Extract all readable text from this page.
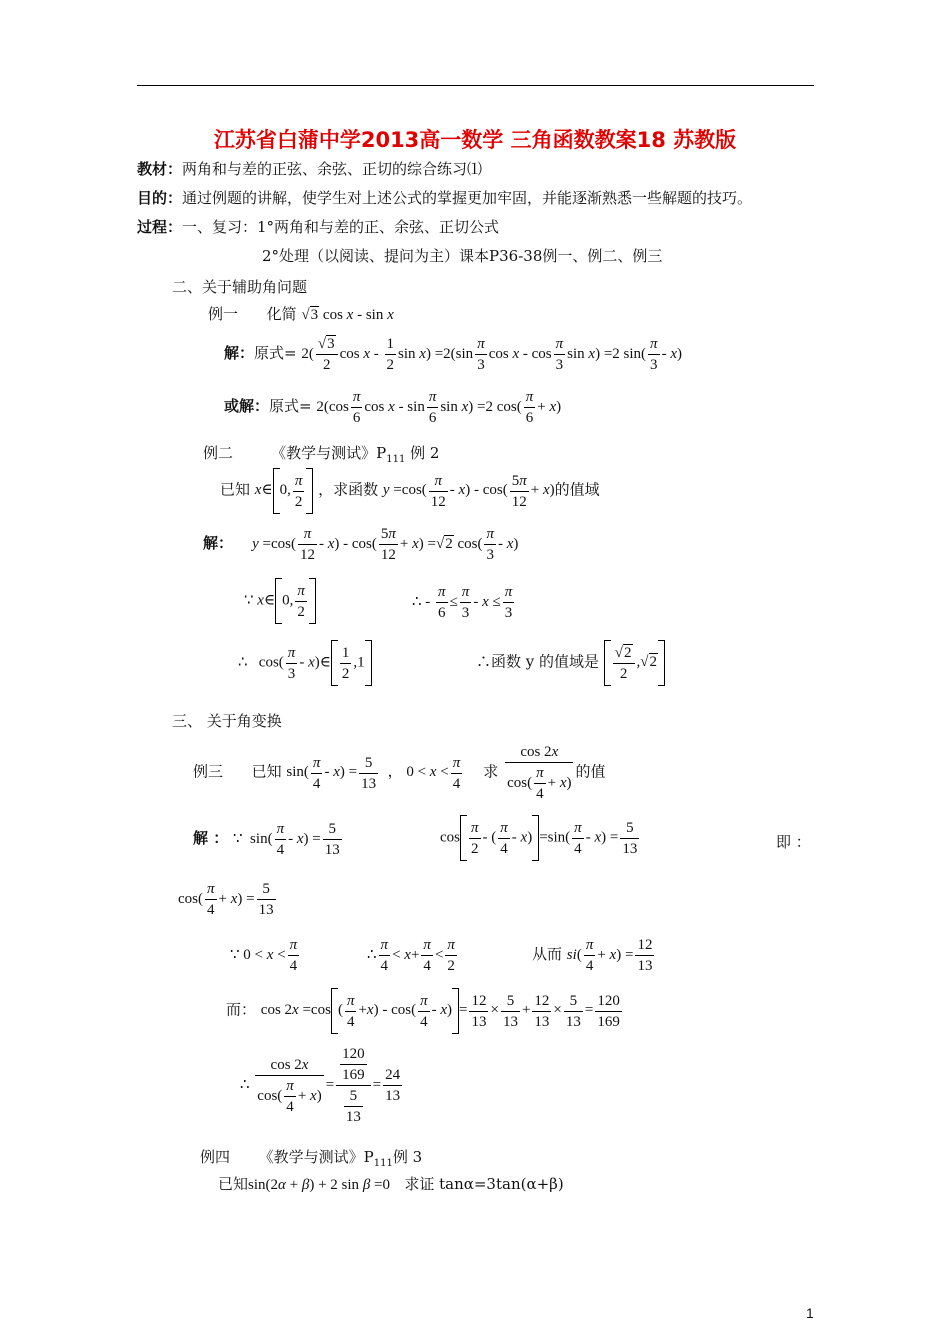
江苏省白蒲中学2013高一数学 三角函数教案18 苏教版
教材：两角和与差的正弦、余弦、正切的综合练习⑴
目的：通过例题的讲解，使学生对上述公式的掌握更加牢固，并能逐渐熟悉一些解题的技巧。
过程：一、复习：1°两角和与差的正、余弦、正切公式
2°处理（以阅读、提问为主）课本P36-38例一、例二、例三
二、关于辅助角问题
例一 化简 √3 cos x - sin x
解：原式= $2( \frac{√3}{2}$ cos x - $\frac{1}{2}$ $\sin x) =2(\sin \frac{\pi}{3}$ cos x - $\cos \frac{\pi}{3}$ sin x) =2 $\sin( \frac{\pi}{3} - x)$
或解：原式= $2(\cos \frac{\pi}{6}$ cos x - $\sin \frac{\pi}{6}$ sin x) =2 $\cos( \frac{\pi}{6} + x)$
例二	《教学与测试》$P_{111}$ 例 2
已知 x∈ 0, $\frac{\pi}{2}$ ，求函数 $y =\cos( \frac{\pi}{12} - x) - \cos( \frac{5\pi}{12} + x)$的值域
解： $y =\cos( \frac{\pi}{12} - x) - \cos( \frac{5\pi}{12} + x) =√2$ $\cos( \frac{\pi}{3} - x)$
∵ x∈ 0, $\frac{\pi}{2}$	∴ - $\frac{\pi}{6} \le \frac{\pi}{3} - x \le \frac{\pi}{3}$
∴   $\cos( \frac{\pi}{3}$ - x)∈ $\frac{1}{2} ,1$	∴函数 y 的值域是 $\frac{√2}{2} ,√2$
三、 关于角变换
例三 已知 $\sin( \frac{\pi}{4} - x) = \frac{5}{13}$ ， $0 < x < \frac{\pi}{4}$ 求 $\frac{\cos 2x}{\cos( \frac{\pi}{4} + x)}$ 的值
解 ： ∵  $\sin( \frac{\pi}{4} - x) = \frac{5}{13}$	$\cos \frac{\pi}{2}$ - ( $\frac{\pi}{4} - x) =\sin( \frac{\pi}{4} - x) = \frac{5}{13}$	即 ：
$\cos( \frac{\pi}{4} + x) = \frac{5}{13}$
∵ $0 < x < \frac{\pi}{4}$	∴ $\frac{\pi}{4} < x+ \frac{\pi}{4} < \frac{\pi}{2}$	从而 $si( \frac{\pi}{4} + x) = \frac{12}{13}$
而： cos 2x =cos ( $\frac{\pi}{4} +x) - \cos( \frac{\pi}{4} - x) = \frac{12}{13} \times \frac{5}{13} + \frac{12}{13} \times \frac{5}{13} = \frac{120}{169}$
∴ $\frac{\cos 2x}{\cos( \frac{\pi}{4} + x)} = \frac{\frac{120}{169}}{\frac{5}{13}} = \frac{24}{13}$
例四 《教学与测试》$P_{111}$例 3
已知sin(2α + β) + 2 sin β =0 求证 tanα=3tan(α+β)
1
